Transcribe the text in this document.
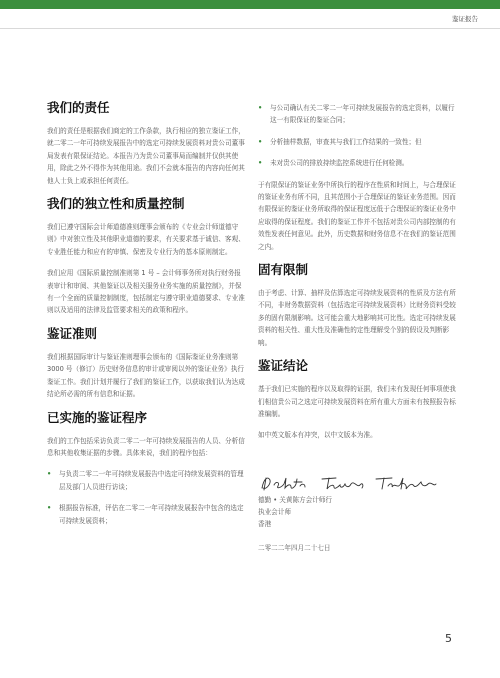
鉴证报告
我们的责任

我们的责任是根据我们商定的工作条款，执行相应的独立鉴证工作，就二零二一年可持续发展报告中的选定可持续发展资料对贵公司董事局发表有限保证结论。本报告乃为贵公司董事局而编制并仅供其使用，除此之外不得作为其他用途。我们不会就本报告的内容向任何其他人士负上或承担任何责任。

我们的独立性和质量控制

我们已遵守国际会计师道德准则理事会颁布的《专业会计师道德守则》中对独立性及其他职业道德的要求，有关要求基于诚信、客观、专业胜任能力和应有的审慎、保密及专业行为的基本原则制定。

我们应用《国际质量控制准则第 1 号 – 会计师事务所对执行财务报表审计和审阅、其他鉴证以及相关服务业务实施的质量控制》，并保有一个全面的质量控制制度，包括制定与遵守职业道德要求、专业准则以及适用的法律及监管要求相关的政策和程序。

鉴证准则

我们根据国际审计与鉴证准则理事会颁布的《国际鉴证业务准则第 3000 号（修订）历史财务信息的审计或审阅以外的鉴证业务》执行鉴证工作。我们计划并履行了我们的鉴证工作，以获取我们认为达成结论所必需的所有信息和证据。

已实施的鉴证程序

我们的工作包括采访负责二零二一年可持续发展报告的人员、分析信息和其他收集证据的步骤。具体来说，我们的程序包括：

• 与负责二零二一年可持续发展报告中选定可持续发展资料的管理层及部门人员进行访谈；
• 根据报告标准，评估在二零二一年可持续发展报告中包含的选定可持续发展资料；
• 与公司确认有关二零二一年可持续发展报告的选定资料，以履行这一有限保证的鉴证合同；
• 分析抽样数据，审查其与我们工作结果的一致性；但
• 未对贵公司的排放持续监控系统进行任何检测。

于有限保证的鉴证业务中所执行的程序在性质和时间上，与合理保证的鉴证业务有所不同，且其范围小于合理保证的鉴证业务范围。因而有限保证的鉴证业务所取得的保证程度远低于合理保证的鉴证业务中应取得的保证程度。我们的鉴证工作并不包括对贵公司内部控制的有效性发表任何意见。此外，历史数据和财务信息不在我们的鉴证范围之内。

固有限制

由于考虑、计算、抽样及估算选定可持续发展资料的性质及方法有所不同，非财务数据资料（包括选定可持续发展资料）比财务资料受较多的固有限制影响。这可能会重大地影响其可比性。选定可持续发展资料的相关性、重大性及准确性的定性理解受个别的假设及判断影响。

鉴证结论

基于我们已实施的程序以及取得的证据，我们未有发现任何事项使我们相信贵公司之选定可持续发展资料在所有重大方面未有按照报告标准编制。

如中英文版本有冲突，以中文版本为准。

德勤 • 关黄陈方会计师行

执业会计师

香港

二零二二年四月二十七日

5
